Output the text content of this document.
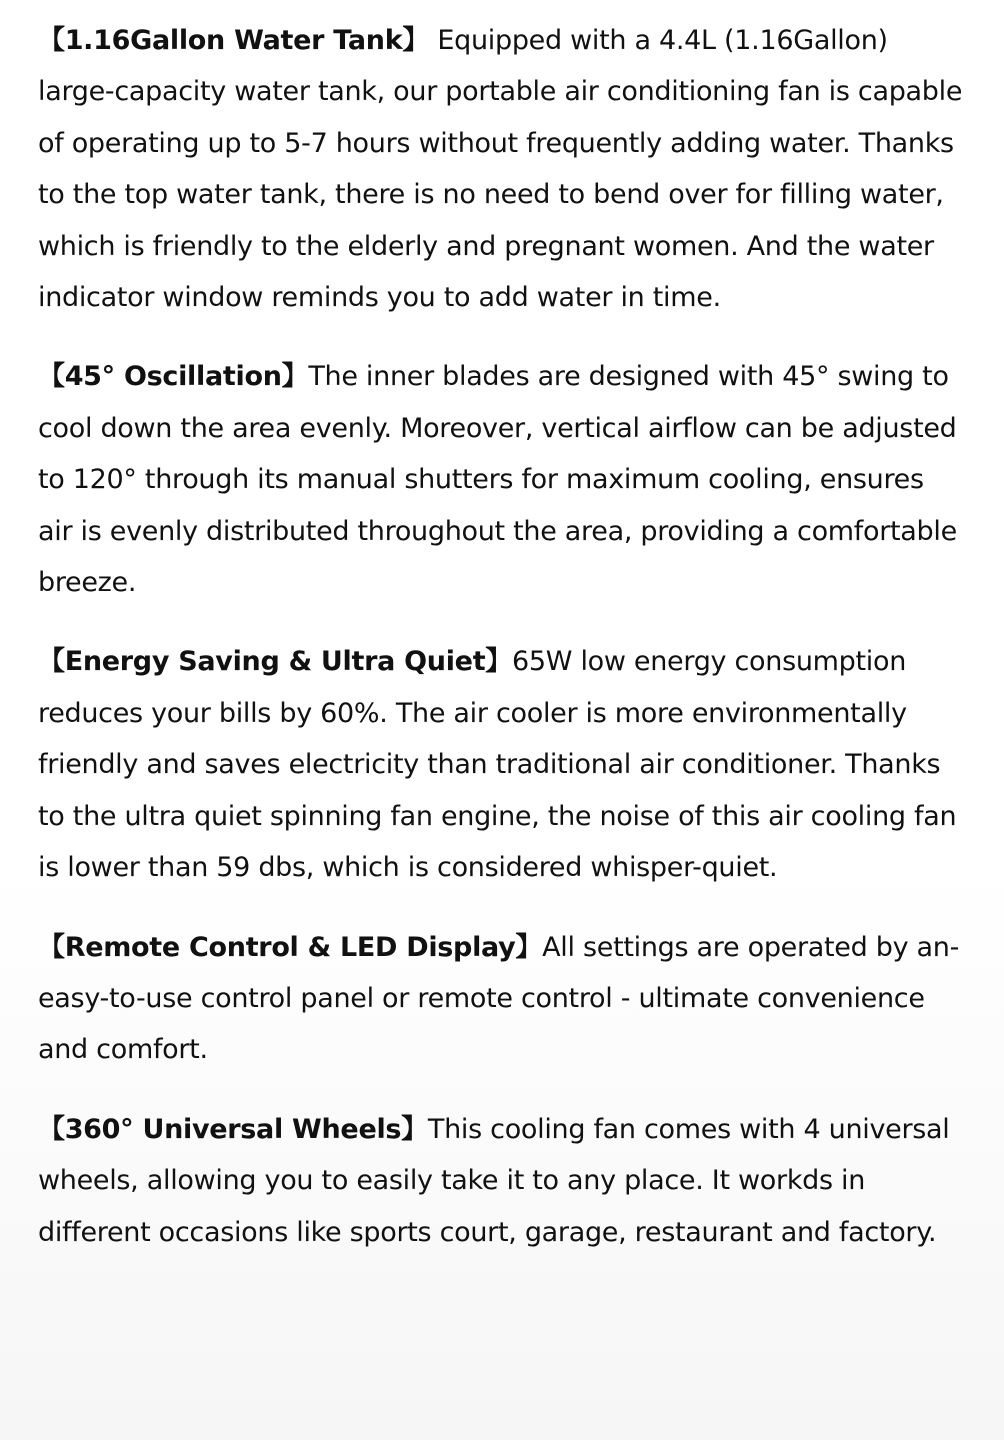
【1.16Gallon Water Tank】 Equipped with a 4.4L (1.16Gallon) large-capacity water tank, our portable air conditioning fan is capable of operating up to 5-7 hours without frequently adding water. Thanks to the top water tank, there is no need to bend over for filling water, which is friendly to the elderly and pregnant women. And the water indicator window reminds you to add water in time.

【45° Oscillation】The inner blades are designed with 45° swing to cool down the area evenly. Moreover, vertical airflow can be adjusted to 120° through its manual shutters for maximum cooling, ensures air is evenly distributed throughout the area, providing a comfortable breeze.

【Energy Saving & Ultra Quiet】65W low energy consumption reduces your bills by 60%. The air cooler is more environmentally friendly and saves electricity than traditional air conditioner. Thanks to the ultra quiet spinning fan engine, the noise of this air cooling fan is lower than 59 dbs, which is considered whisper-quiet.

【Remote Control & LED Display】All settings are operated by an-easy-to-use control panel or remote control - ultimate convenience and comfort.

【360° Universal Wheels】This cooling fan comes with 4 universal wheels, allowing you to easily take it to any place. It workds in different occasions like sports court, garage, restaurant and factory.
